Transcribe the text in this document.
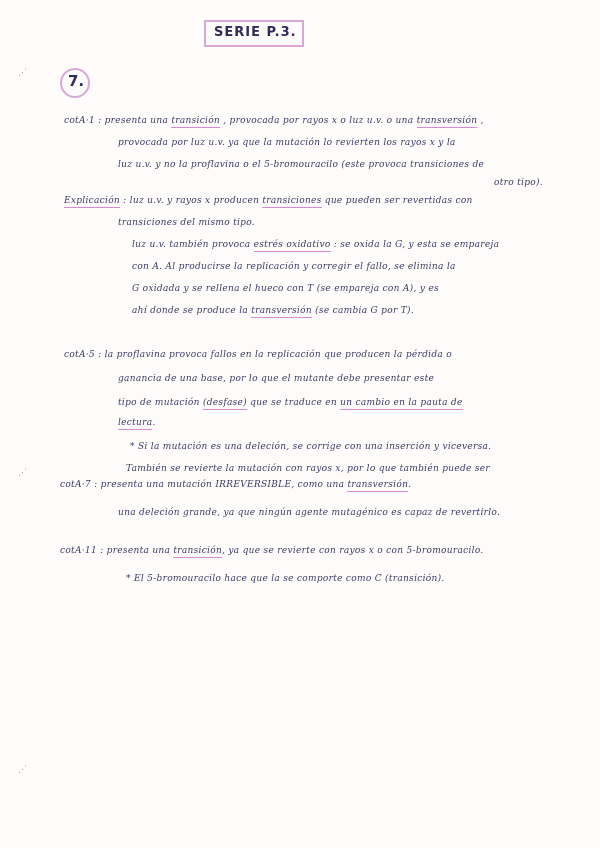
SERIE P.3.
7.
⋰
⋰
⋰
cotA·1 : presenta una transición , provocada por rayos x o luz u.v. o una transversión ,
provocada por luz u.v. ya que la mutación lo revierten los rayos x y la
luz u.v. y no la proflavina o el 5-bromouracilo (este provoca transiciones de
otro tipo).
Explicación : luz u.v. y rayos x producen transiciones que pueden ser revertidas con
transiciones del mismo tipo.
luz u.v. también provoca estrés oxidativo : se oxida la G, y esta se empareja
con A. Al producirse la replicación y corregir el fallo, se elimina la
G oxidada y se rellena el hueco con T (se empareja con A), y es
ahí donde se produce la transversión (se cambia G por T).
cotA·5 : la proflavina provoca fallos en la replicación que producen la pérdida o
ganancia de una base, por lo que el mutante debe presentar este
tipo de mutación (desfase) que se traduce en un cambio en la pauta de
lectura.
* Si la mutación es una deleción, se corrige con una inserción y viceversa.
También se revierte la mutación con rayos x, por lo que también puede ser
cotA·7 : presenta una mutación IRREVERSIBLE, como una transversión.
una deleción grande, ya que ningún agente mutagénico es capaz de revertirlo.
cotA·11 : presenta una transición, ya que se revierte con rayos x o con 5-bromouracilo.
* El 5-bromouracilo hace que la se comporte como C (transición).
